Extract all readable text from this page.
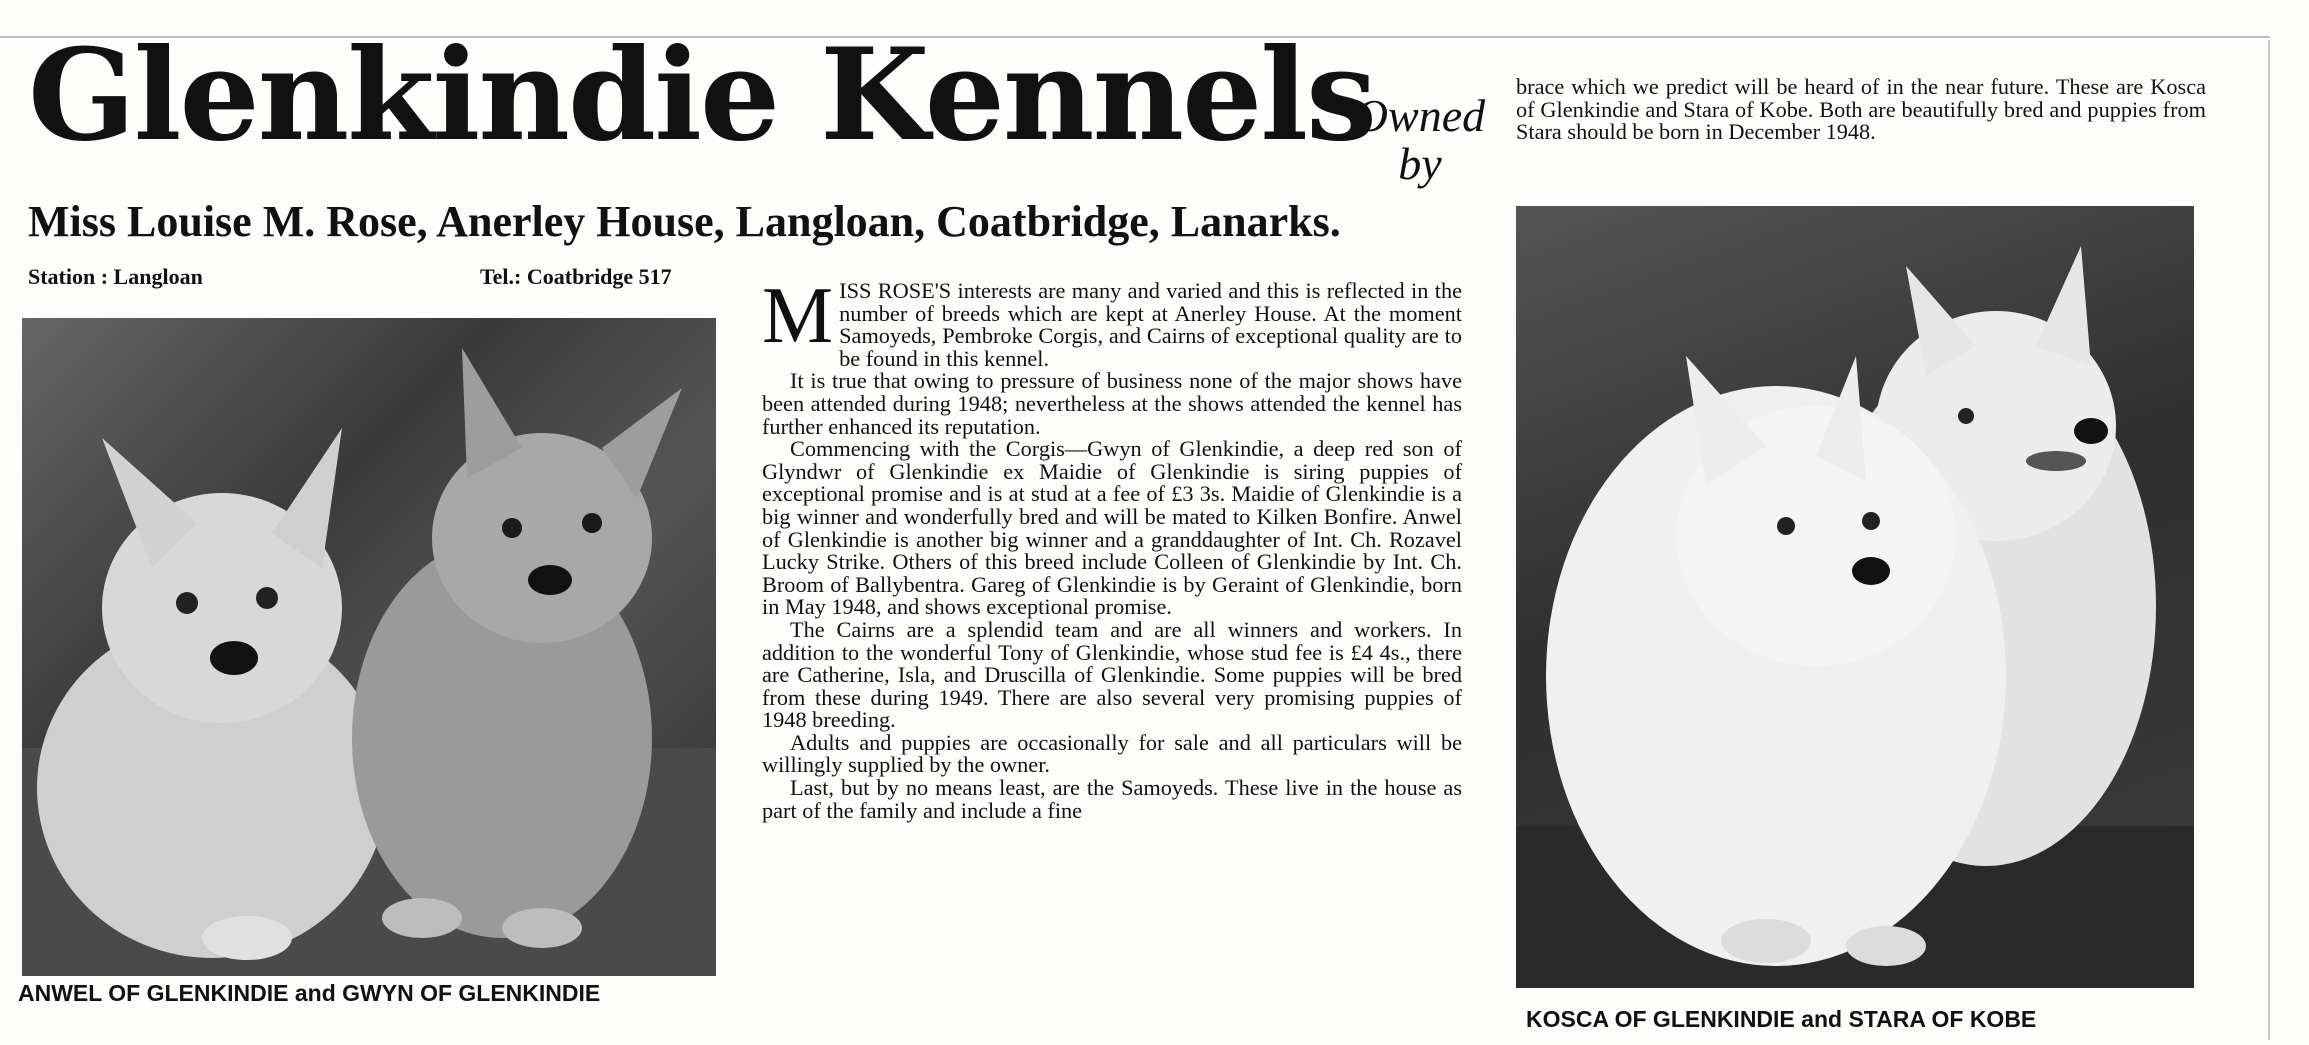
Glenkindie Kennels
Owned
by
Miss Louise M. Rose, Anerley House, Langloan, Coatbridge, Lanarks.
Station : Langloan	Tel.: Coatbridge 517
ANWEL OF GLENKINDIE and GWYN OF GLENKINDIE

MISS ROSE'S interests are many and varied and this is reflected in the number of breeds which are kept at Anerley House. At the moment Samoyeds, Pembroke Corgis, and Cairns of exceptional quality are to be found in this kennel.

It is true that owing to pressure of business none of the major shows have been attended during 1948; nevertheless at the shows attended the kennel has further enhanced its reputation.

Commencing with the Corgis—Gwyn of Glenkindie, a deep red son of Glyndwr of Glenkindie ex Maidie of Glenkindie is siring puppies of exceptional promise and is at stud at a fee of £3 3s. Maidie of Glenkindie is a big winner and wonderfully bred and will be mated to Kilken Bonfire. Anwel of Glenkindie is another big winner and a granddaughter of Int. Ch. Rozavel Lucky Strike. Others of this breed include Colleen of Glenkindie by Int. Ch. Broom of Ballybentra. Gareg of Glenkindie is by Geraint of Glenkindie, born in May 1948, and shows exceptional promise.

The Cairns are a splendid team and are all winners and workers. In addition to the wonderful Tony of Glenkindie, whose stud fee is £4 4s., there are Catherine, Isla, and Druscilla of Glenkindie. Some puppies will be bred from these during 1949. There are also several very promising puppies of 1948 breeding.

Adults and puppies are occasionally for sale and all particulars will be willingly supplied by the owner.

Last, but by no means least, are the Samoyeds. These live in the house as part of the family and include a fine

brace which we predict will be heard of in the near future. These are Kosca of Glenkindie and Stara of Kobe. Both are beautifully bred and puppies from Stara should be born in December 1948.

KOSCA OF GLENKINDIE and STARA OF KOBE
